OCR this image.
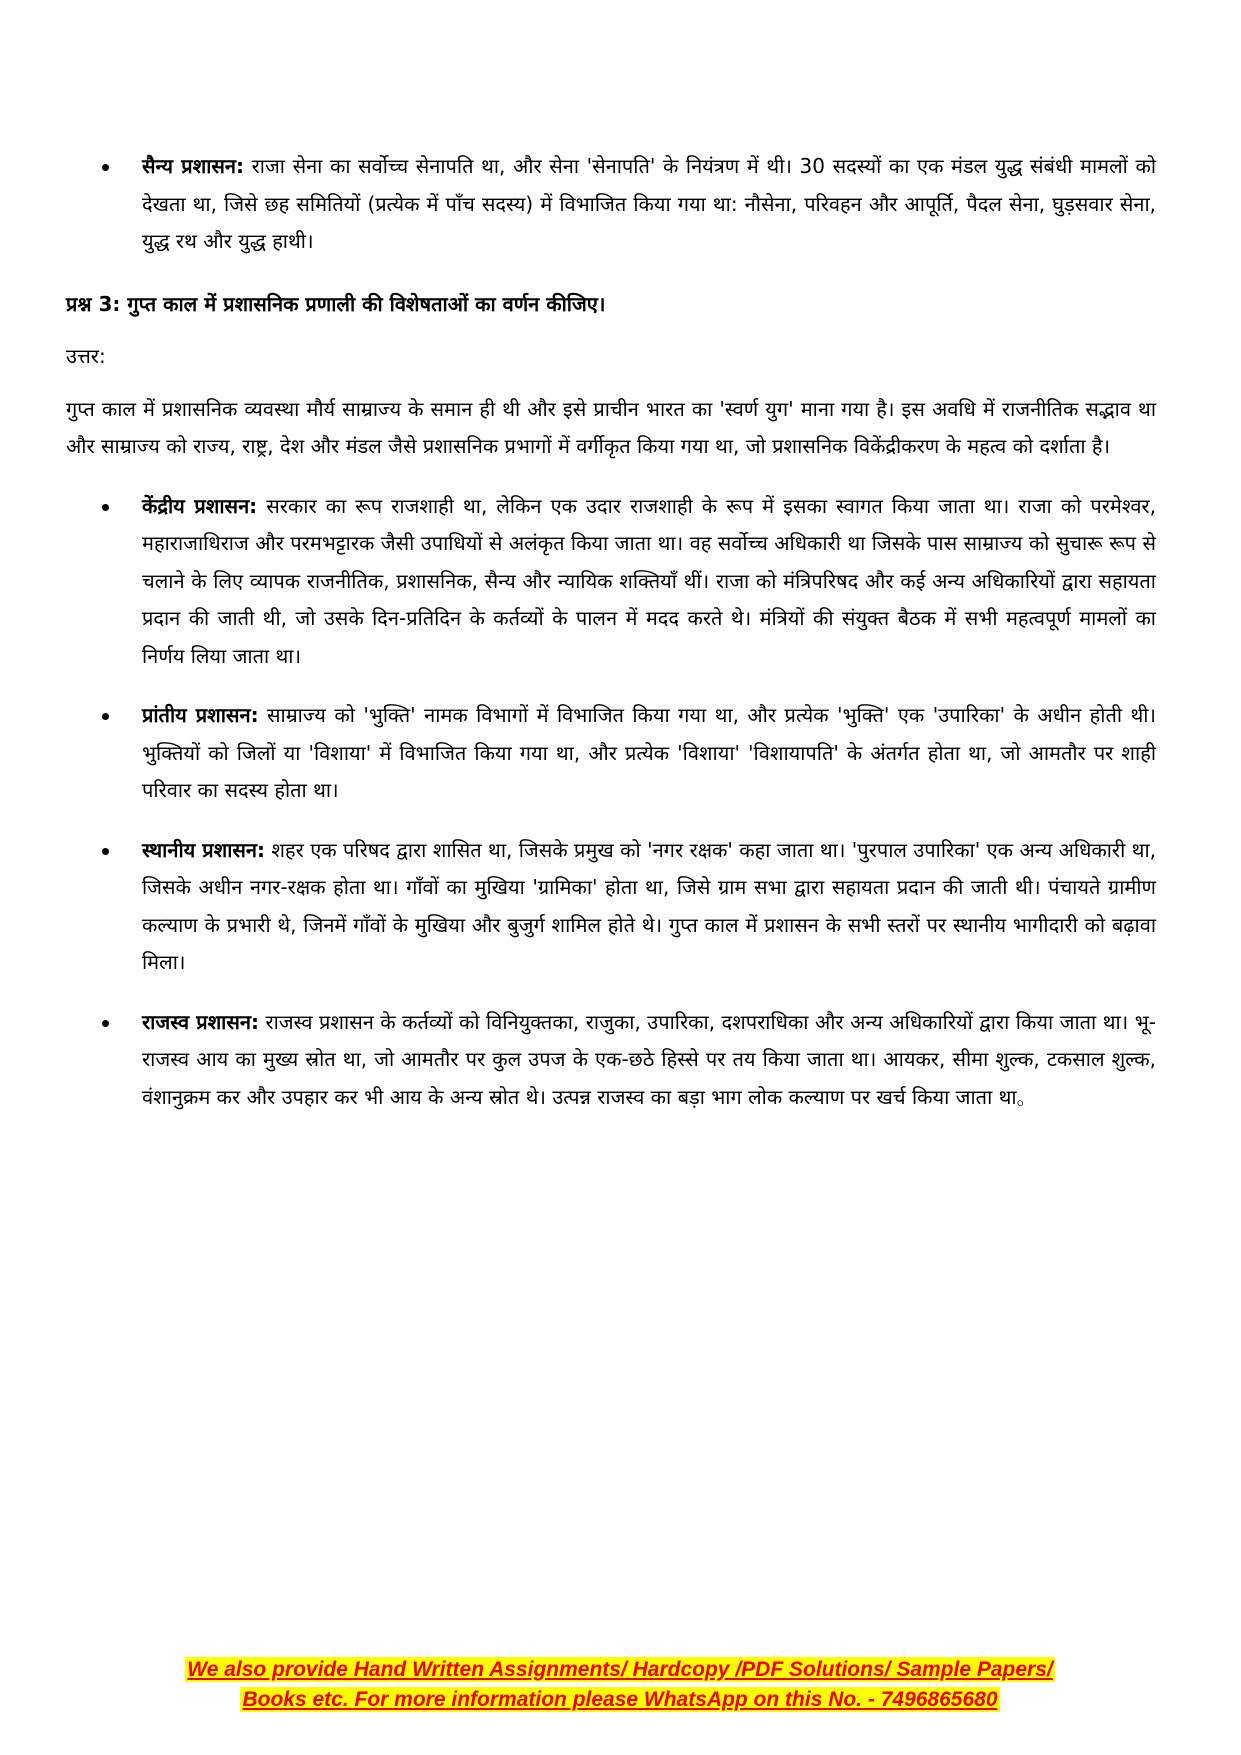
सैन्य प्रशासन: राजा सेना का सर्वोच्च सेनापति था, और सेना 'सेनापति' के नियंत्रण में थी। 30 सदस्यों का एक मंडल युद्ध संबंधी मामलों को देखता था, जिसे छह समितियों (प्रत्येक में पाँच सदस्य) में विभाजित किया गया था: नौसेना, परिवहन और आपूर्ति, पैदल सेना, घुड़सवार सेना, युद्ध रथ और युद्ध हाथी।

प्रश्न 3: गुप्त काल में प्रशासनिक प्रणाली की विशेषताओं का वर्णन कीजिए।

उत्तर:

गुप्त काल में प्रशासनिक व्यवस्था मौर्य साम्राज्य के समान ही थी और इसे प्राचीन भारत का 'स्वर्ण युग' माना गया है। इस अवधि में राजनीतिक सद्भाव था और साम्राज्य को राज्य, राष्ट्र, देश और मंडल जैसे प्रशासनिक प्रभागों में वर्गीकृत किया गया था, जो प्रशासनिक विकेंद्रीकरण के महत्व को दर्शाता है।

केंद्रीय प्रशासन: सरकार का रूप राजशाही था, लेकिन एक उदार राजशाही के रूप में इसका स्वागत किया जाता था। राजा को परमेश्वर, महाराजाधिराज और परमभट्टारक जैसी उपाधियों से अलंकृत किया जाता था। वह सर्वोच्च अधिकारी था जिसके पास साम्राज्य को सुचारू रूप से चलाने के लिए व्यापक राजनीतिक, प्रशासनिक, सैन्य और न्यायिक शक्तियाँ थीं। राजा को मंत्रिपरिषद और कई अन्य अधिकारियों द्वारा सहायता प्रदान की जाती थी, जो उसके दिन-प्रतिदिन के कर्तव्यों के पालन में मदद करते थे। मंत्रियों की संयुक्त बैठक में सभी महत्वपूर्ण मामलों का निर्णय लिया जाता था।

प्रांतीय प्रशासन: साम्राज्य को 'भुक्ति' नामक विभागों में विभाजित किया गया था, और प्रत्येक 'भुक्ति' एक 'उपारिका' के अधीन होती थी। भुक्तियों को जिलों या 'विशाया' में विभाजित किया गया था, और प्रत्येक 'विशाया' 'विशायापति' के अंतर्गत होता था, जो आमतौर पर शाही परिवार का सदस्य होता था।

स्थानीय प्रशासन: शहर एक परिषद द्वारा शासित था, जिसके प्रमुख को 'नगर रक्षक' कहा जाता था। 'पुरपाल उपारिका' एक अन्य अधिकारी था, जिसके अधीन नगर-रक्षक होता था। गाँवों का मुखिया 'ग्रामिका' होता था, जिसे ग्राम सभा द्वारा सहायता प्रदान की जाती थी। पंचायते ग्रामीण कल्याण के प्रभारी थे, जिनमें गाँवों के मुखिया और बुजुर्ग शामिल होते थे। गुप्त काल में प्रशासन के सभी स्तरों पर स्थानीय भागीदारी को बढ़ावा मिला।

राजस्व प्रशासन: राजस्व प्रशासन के कर्तव्यों को विनियुक्तका, राजुका, उपारिका, दशपराधिका और अन्य अधिकारियों द्वारा किया जाता था। भू-राजस्व आय का मुख्य स्रोत था, जो आमतौर पर कुल उपज के एक-छठे हिस्से पर तय किया जाता था। आयकर, सीमा शुल्क, टकसाल शुल्क, वंशानुक्रम कर और उपहार कर भी आय के अन्य स्रोत थे। उत्पन्न राजस्व का बड़ा भाग लोक कल्याण पर खर्च किया जाता था。

We also provide Hand Written Assignments/ Hardcopy /PDF Solutions/ Sample Papers/
Books etc. For more information please WhatsApp on this No. - 7496865680
